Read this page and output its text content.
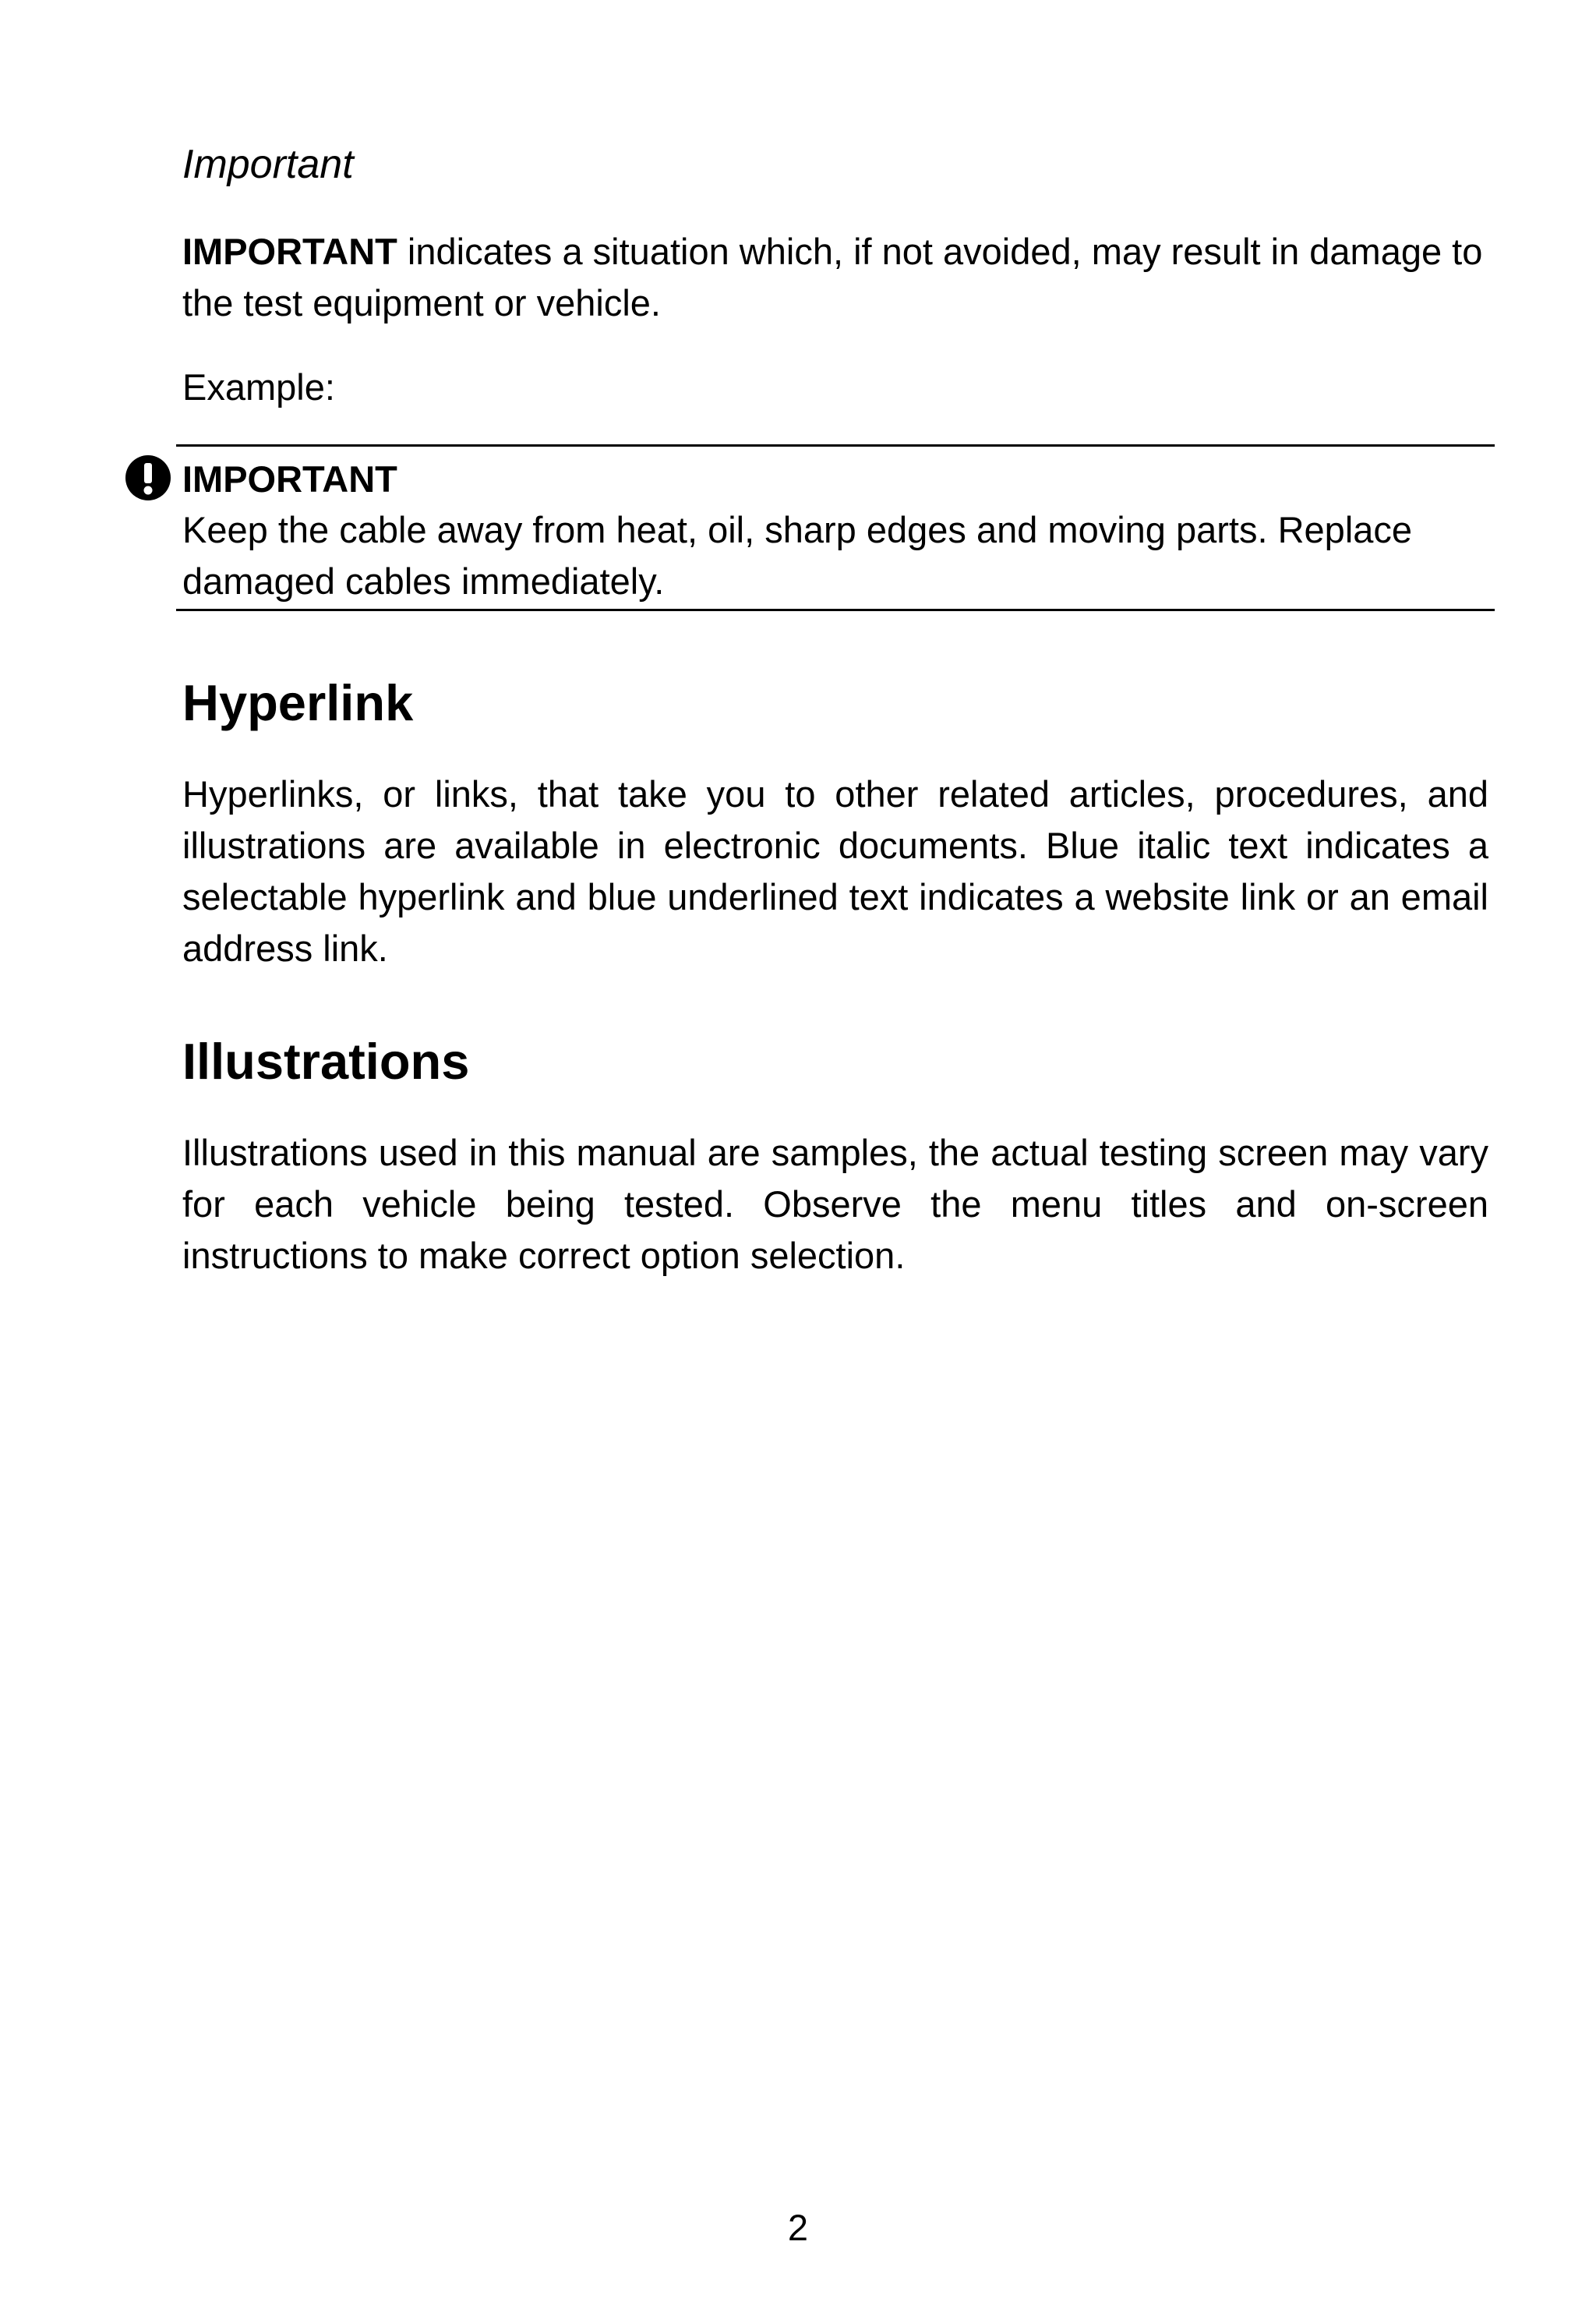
Important
IMPORTANT indicates a situation which, if not avoided, may result in damage to the test equipment or vehicle.
Example:
IMPORTANT
Keep the cable away from heat, oil, sharp edges and moving parts. Replace damaged cables immediately.
Hyperlink
Hyperlinks, or links, that take you to other related articles, procedures, and illustrations are available in electronic documents. Blue italic text indicates a selectable hyperlink and blue underlined text indicates a website link or an email address link.
Illustrations
Illustrations used in this manual are samples, the actual testing screen may vary for each vehicle being tested. Observe the menu titles and on-screen instructions to make correct option selection.
2
